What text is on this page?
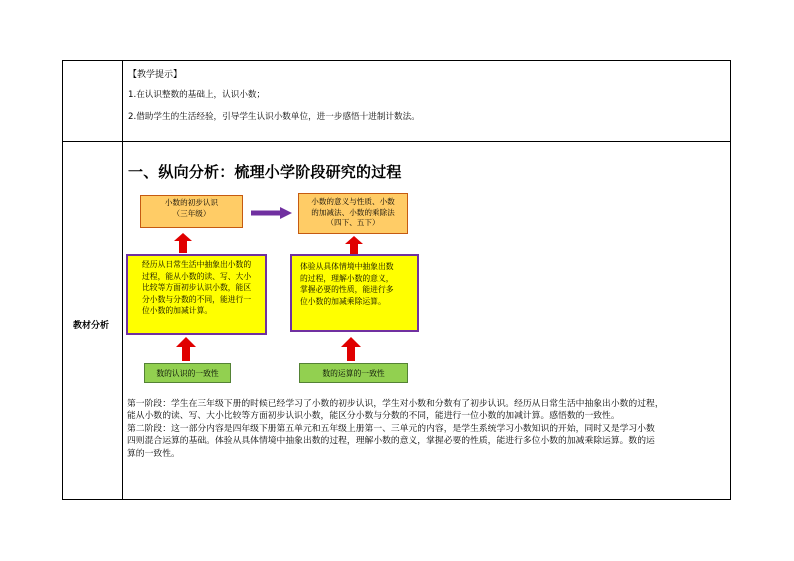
【教学提示】
1.在认识整数的基础上，认识小数；
2.借助学生的生活经验，引导学生认识小数单位，进一步感悟十进制计数法。
教材分析
一、纵向分析：梳理小学阶段研究的过程
小数的初步认识
（三年级）
小数的意义与性质、小数
的加减法、小数的乘除法
（四下、五下）
经历从日常生活中抽象出小数的
过程，能从小数的读、写、大小
比较等方面初步认识小数，能区
分小数与分数的不同，能进行一
位小数的加减计算。
体验从具体情境中抽象出数
的过程，理解小数的意义，
掌握必要的性质，能进行多
位小数的加减乘除运算。
数的认识的一致性	数的运算的一致性
第一阶段：学生在三年级下册的时候已经学习了小数的初步认识，学生对小数和分数有了初步认识。经历从日常生活中抽象出小数的过程，
能从小数的读、写、大小比较等方面初步认识小数，能区分小数与分数的不同，能进行一位小数的加减计算。感悟数的一致性。
第二阶段：这一部分内容是四年级下册第五单元和五年级上册第一、三单元的内容，是学生系统学习小数知识的开始，同时又是学习小数
四则混合运算的基础。体验从具体情境中抽象出数的过程，理解小数的意义，掌握必要的性质，能进行多位小数的加减乘除运算。数的运
算的一致性。
